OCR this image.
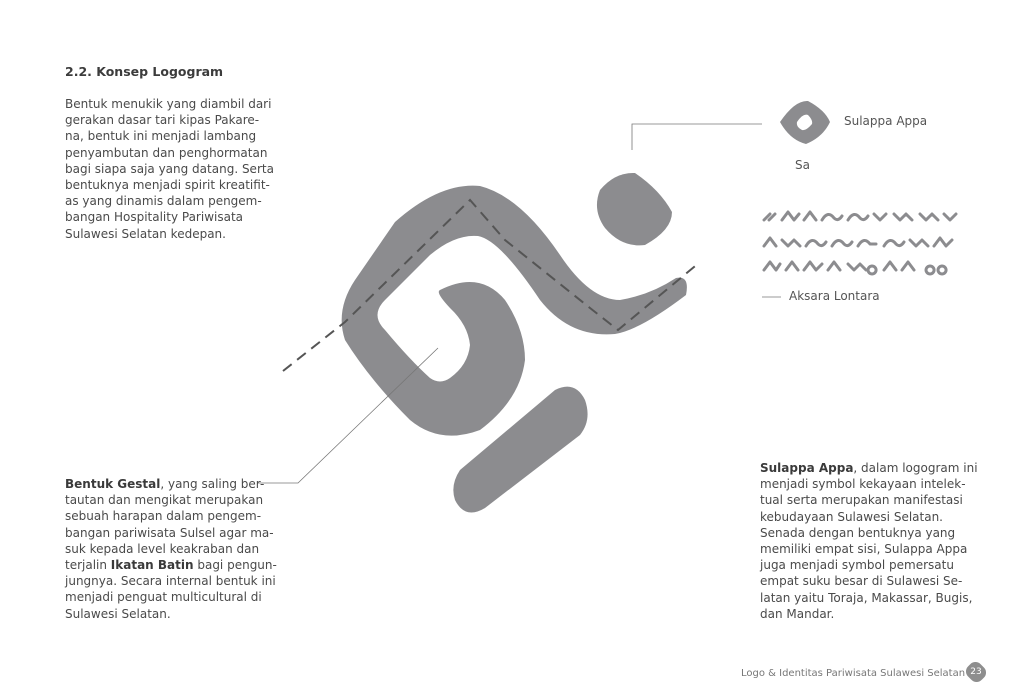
2.2. Konsep Logogram
Bentuk menukik yang diambil dari
gerakan dasar tari kipas Pakare-
na, bentuk ini menjadi lambang
penyambutan dan penghormatan
bagi siapa saja yang datang. Serta
bentuknya menjadi spirit kreatifit-
as yang dinamis dalam pengem-
bangan Hospitality Pariwisata
Sulawesi Selatan kedepan.
Bentuk Gestal, yang saling ber-
tautan dan mengikat merupakan
sebuah harapan dalam pengem-
bangan pariwisata Sulsel agar ma-
suk kepada level keakraban dan
terjalin Ikatan Batin bagi pengun-
jungnya. Secara internal bentuk ini
menjadi penguat multicultural di
Sulawesi Selatan.
Sulappa Appa, dalam logogram ini
menjadi symbol kekayaan intelek-
tual serta merupakan manifestasi
kebudayaan Sulawesi Selatan.
Senada dengan bentuknya yang
memiliki empat sisi, Sulappa Appa
juga menjadi symbol pemersatu
empat suku besar di Sulawesi Se-
latan yaitu Toraja, Makassar, Bugis,
dan Mandar.
Sulappa Appa
Sa
Aksara Lontara
Logo & Identitas Pariwisata Sulawesi Selatan 23
